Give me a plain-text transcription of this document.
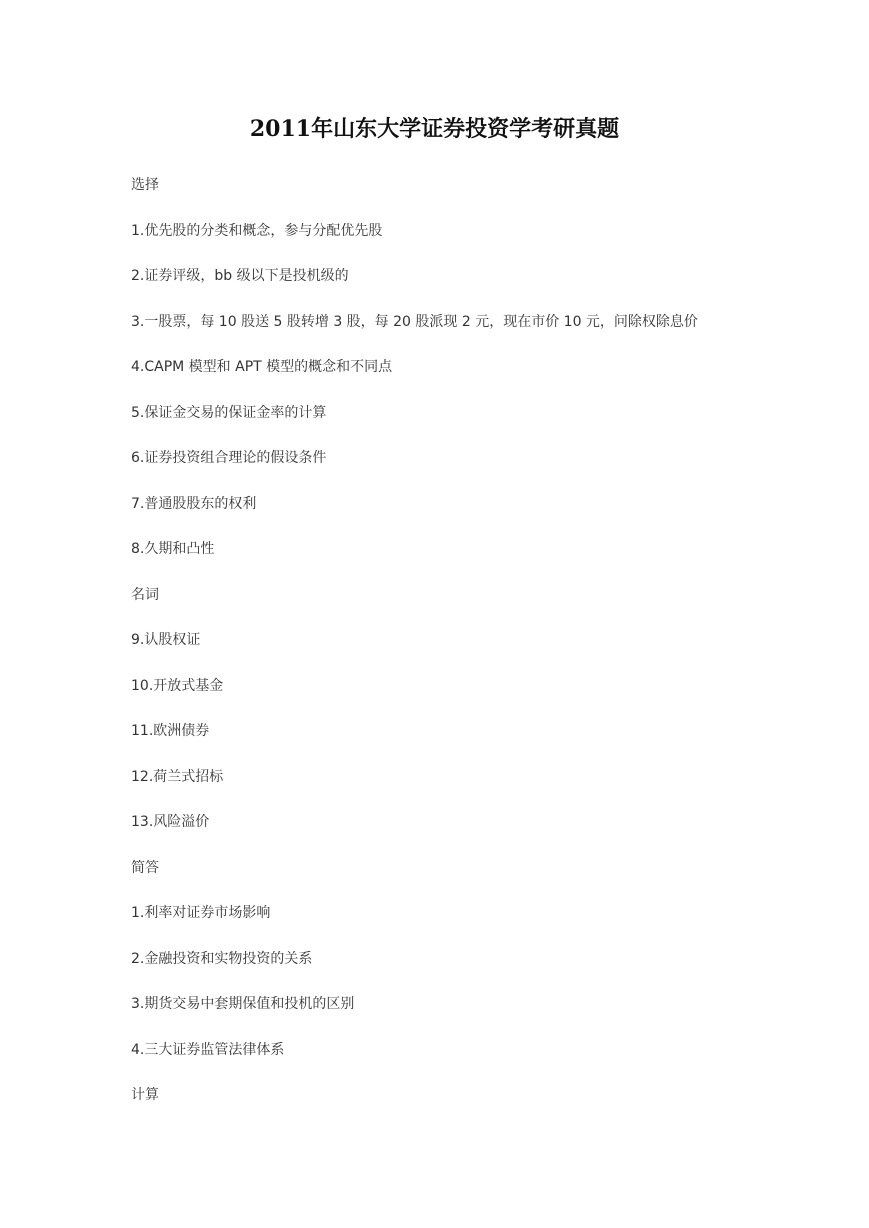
2011年山东大学证券投资学考研真题

选择

1.优先股的分类和概念，参与分配优先股

2.证券评级，bb 级以下是投机级的

3.一股票，每 10 股送 5 股转增 3 股，每 20 股派现 2 元，现在市价 10 元，问除权除息价

4.CAPM 模型和 APT 模型的概念和不同点

5.保证金交易的保证金率的计算

6.证券投资组合理论的假设条件

7.普通股股东的权利

8.久期和凸性

名词

9.认股权证

10.开放式基金

11.欧洲债券

12.荷兰式招标

13.风险溢价

简答

1.利率对证券市场影响

2.金融投资和实物投资的关系

3.期货交易中套期保值和投机的区别

4.三大证券监管法律体系

计算
